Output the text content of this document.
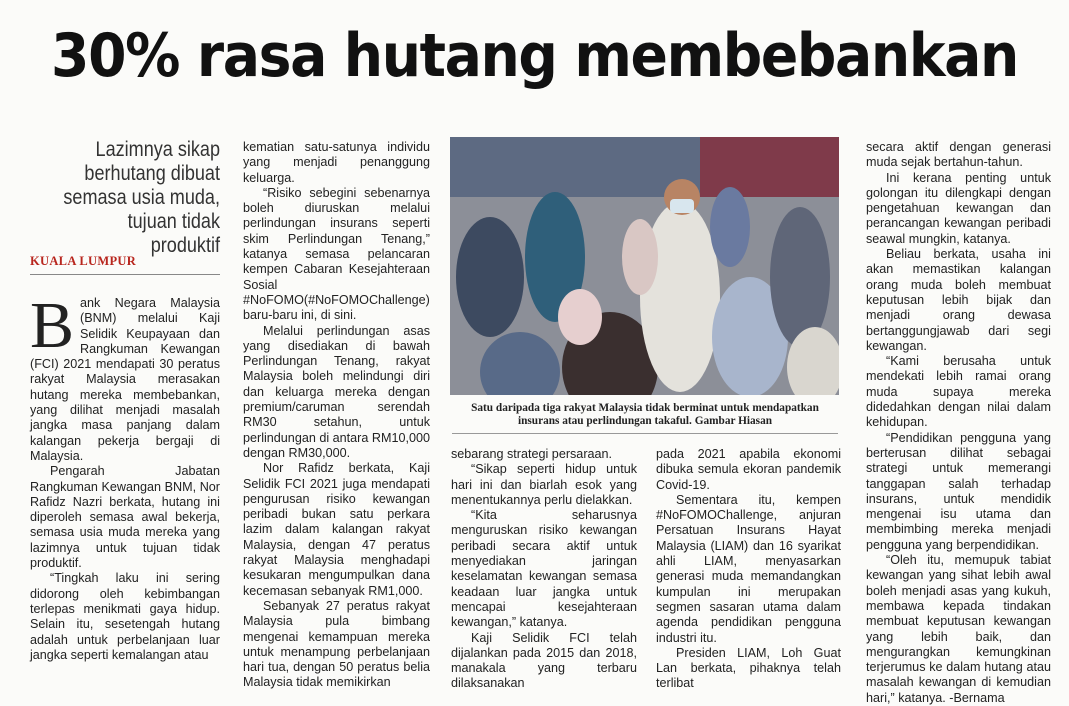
30% rasa hutang membebankan
Lazimnya sikap berhutang dibuat semasa usia muda, tujuan tidak produktif
KUALA LUMPUR

Bank Negara Malaysia (BNM) melalui Kaji Selidik Keupayaan dan Rangkuman Kewangan (FCI) 2021 mendapati 30 peratus rakyat Malaysia merasakan hutang mereka membebankan, yang dilihat menjadi masalah jangka masa panjang dalam kalangan pekerja bergaji di Malaysia.

Pengarah Jabatan Rangkuman Kewangan BNM, Nor Rafidz Nazri berkata, hutang ini diperoleh semasa awal bekerja, semasa usia muda mereka yang lazimnya untuk tujuan tidak produktif.

“Tingkah laku ini sering didorong oleh kebimbangan terlepas menikmati gaya hidup. Selain itu, sesetengah hutang adalah untuk perbelanjaan luar jangka seperti kemalangan atau

kematian satu-satunya individu yang menjadi penanggung keluarga.

“Risiko sebegini sebenarnya boleh diuruskan melalui perlindungan insurans seperti skim Perlindungan Tenang,” katanya semasa pelancaran kempen Cabaran Kesejahteraan Sosial #NoFOMO(#NoFOMOChallenge) baru-baru ini, di sini.

Melalui perlindungan asas yang disediakan di bawah Perlindungan Tenang, rakyat Malaysia boleh melindungi diri dan keluarga mereka dengan premium/caruman serendah RM30 setahun, untuk perlindungan di antara RM10,000 dengan RM30,000.

Nor Rafidz berkata, Kaji Selidik FCI 2021 juga mendapati pengurusan risiko kewangan peribadi bukan satu perkara lazim dalam kalangan rakyat Malaysia, dengan 47 peratus rakyat Malaysia menghadapi kesukaran mengumpulkan dana kecemasan sebanyak RM1,000.

Sebanyak 27 peratus rakyat Malaysia pula bimbang mengenai kemampuan mereka untuk menampung perbelanjaan hari tua, dengan 50 peratus belia Malaysia tidak memikirkan

Satu daripada tiga rakyat Malaysia tidak berminat untuk mendapatkan insurans atau perlindungan takaful. Gambar Hiasan

sebarang strategi persaraan.

“Sikap seperti hidup untuk hari ini dan biarlah esok yang menentukannya perlu dielakkan.

“Kita seharusnya menguruskan risiko kewangan peribadi secara aktif untuk menyediakan jaringan keselamatan kewangan semasa keadaan luar jangka untuk mencapai kesejahteraan kewangan,” katanya.

Kaji Selidik FCI telah dijalankan pada 2015 dan 2018, manakala yang terbaru dilaksanakan

pada 2021 apabila ekonomi dibuka semula ekoran pandemik Covid-19.

Sementara itu, kempen #NoFOMOChallenge, anjuran Persatuan Insurans Hayat Malaysia (LIAM) dan 16 syarikat ahli LIAM, menyasarkan generasi muda memandangkan kumpulan ini merupakan segmen sasaran utama dalam agenda pendidikan pengguna industri itu.

Presiden LIAM, Loh Guat Lan berkata, pihaknya telah terlibat

secara aktif dengan generasi muda sejak bertahun-tahun.

Ini kerana penting untuk golongan itu dilengkapi dengan pengetahuan kewangan dan perancangan kewangan peribadi seawal mungkin, katanya.

Beliau berkata, usaha ini akan memastikan kalangan orang muda boleh membuat keputusan lebih bijak dan menjadi orang dewasa bertanggungjawab dari segi kewangan.

“Kami berusaha untuk mendekati lebih ramai orang muda supaya mereka didedahkan dengan nilai dalam kehidupan.

“Pendidikan pengguna yang berterusan dilihat sebagai strategi untuk memerangi tanggapan salah terhadap insurans, untuk mendidik mengenai isu utama dan membimbing mereka menjadi pengguna yang berpendidikan.

“Oleh itu, memupuk tabiat kewangan yang sihat lebih awal boleh menjadi asas yang kukuh, membawa kepada tindakan membuat keputusan kewangan yang lebih baik, dan mengurangkan kemungkinan terjerumus ke dalam hutang atau masalah kewangan di kemudian hari,” katanya. -Bernama
